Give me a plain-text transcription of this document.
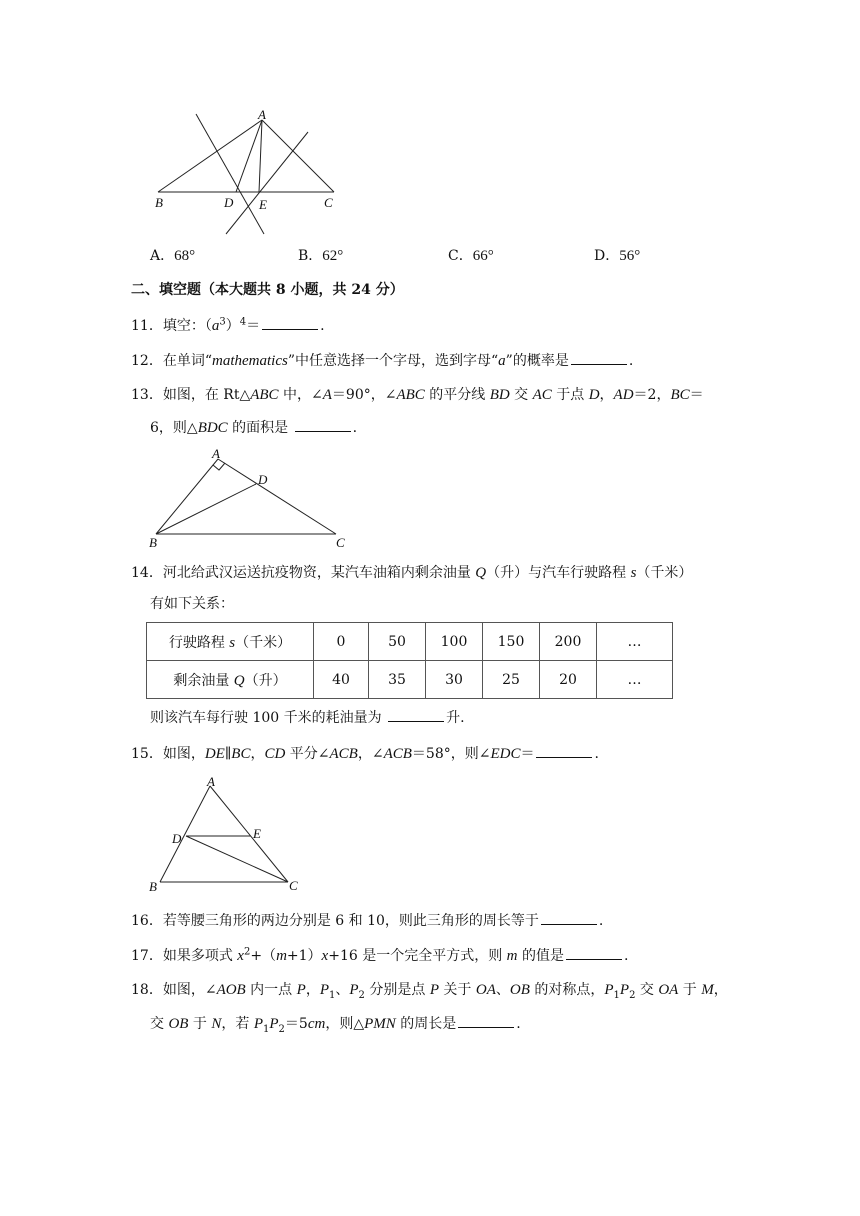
A
B	D E	C
A．68°	B．62°	C．66°	D．56°
二、填空题（本大题共 8 小题，共 24 分）
11．填空：$(a^3)^4=$	.
12．在单词“mathematics”中任意选择一个字母，选到字母“a”的概率是	.
13．如图，在 Rt△ABC 中，∠A＝90°，∠ABC 的平分线 BD 交 AC 于点 D，AD＝2，BC＝
6，则△BDC 的面积是	.
A
D
B	C
14．河北给武汉运送抗疫物资，某汽车油箱内剩余油量 Q（升）与汽车行驶路程 s（千米）
有如下关系：
行驶路程 s（千米）	0	50	100	150	200	…
剩余油量 Q（升）	40	35	30	25	20	…
则该汽车每行驶 100 千米的耗油量为	升.
15．如图，DE∥BC，CD 平分∠ACB，∠ACB＝58°，则∠EDC＝	.
A
D	E
B	C
16．若等腰三角形的两边分别是 6 和 10，则此三角形的周长等于	.
17．如果多项式 $x^2+(m+1)x+16$ 是一个完全平方式，则 m 的值是	.
18．如图，∠AOB 内一点 P，$P_1$、$P_2$ 分别是点 P 关于 OA、OB 的对称点，$P_1P_2$ 交 OA 于 M，
交 OB 于 N，若 $P_1P_2=5cm$，则△PMN 的周长是	.
